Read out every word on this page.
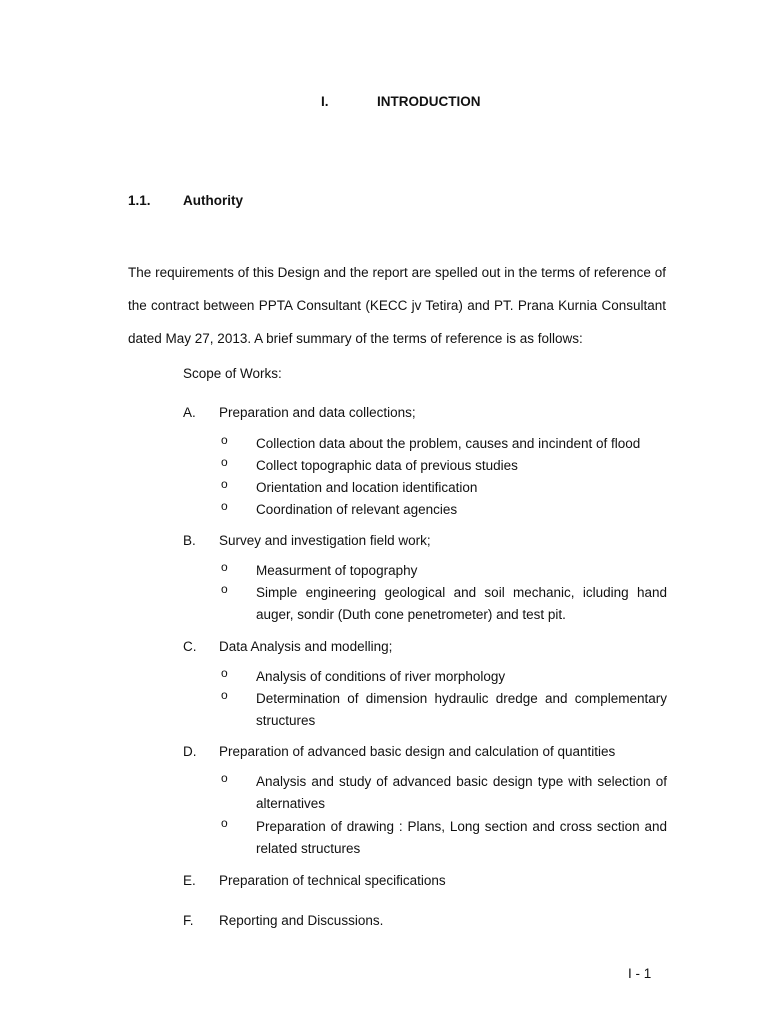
I.	INTRODUCTION
1.1. Authority

The requirements of this Design and the report are spelled out in the terms of reference of the contract between PPTA Consultant (KECC jv Tetira) and PT. Prana Kurnia Consultant dated May 27, 2013. A brief summary of the terms of reference is as follows:

Scope of Works:
A. Preparation and data collections;
o Collection data about the problem, causes and incindent of flood
o Collect topographic data of previous studies
o Orientation and location identification
o Coordination of relevant agencies
B. Survey and investigation field work;
o Measurment of topography
o Simple engineering geological and soil mechanic, icluding hand auger, sondir (Duth cone penetrometer) and test pit.
C. Data Analysis and modelling;
o Analysis of conditions of river morphology
o Determination of dimension hydraulic dredge and complementary structures
D. Preparation of advanced basic design and calculation of quantities
o Analysis and study of advanced basic design type with selection of alternatives
o Preparation of drawing : Plans, Long section and cross section and related structures
E. Preparation of technical specifications
F. Reporting and Discussions.
I - 1
